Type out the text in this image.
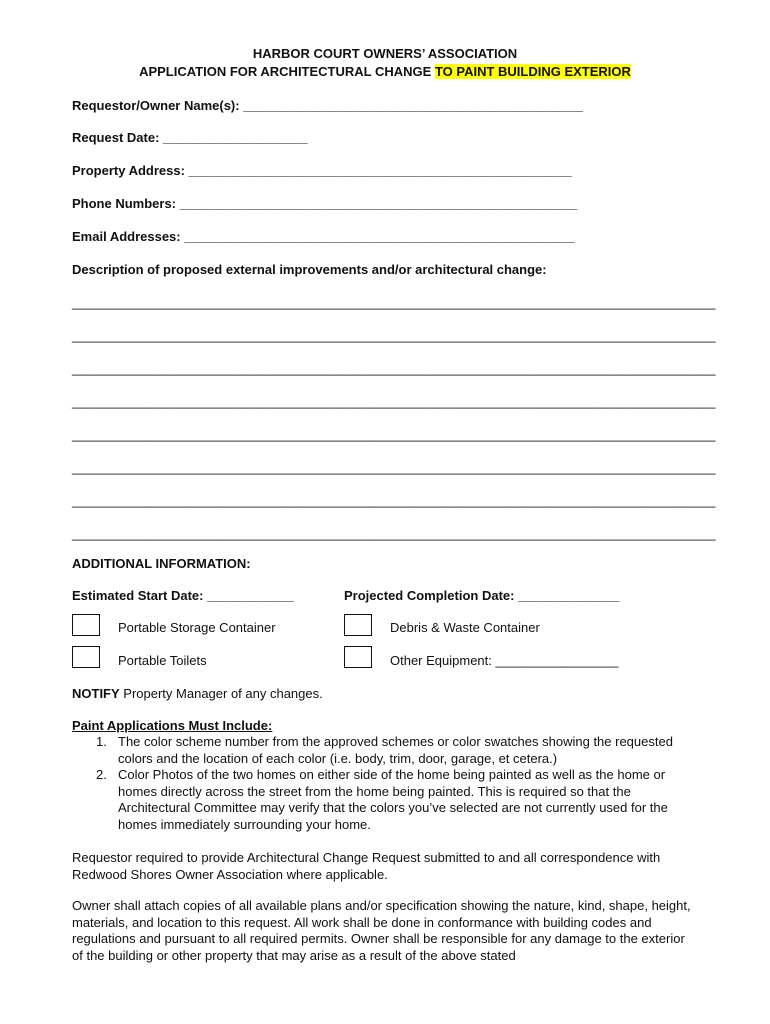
HARBOR COURT OWNERS’ ASSOCIATION
APPLICATION FOR ARCHITECTURAL CHANGE TO PAINT BUILDING EXTERIOR
Requestor/Owner Name(s): _______________________________________________
Request Date: ____________________
Property Address: _____________________________________________________
Phone Numbers: _______________________________________________________
Email Addresses: ______________________________________________________
Description of proposed external improvements and/or architectural change:
_________________________________________________________________________________________
_________________________________________________________________________________________
_________________________________________________________________________________________
_________________________________________________________________________________________
_________________________________________________________________________________________
_________________________________________________________________________________________
_________________________________________________________________________________________
_________________________________________________________________________________________
ADDITIONAL INFORMATION:
Estimated Start Date: ____________	Projected Completion Date: ______________
Portable Storage Container	Debris & Waste Container
Portable Toilets	Other Equipment: _________________
NOTIFY Property Manager of any changes.
Paint Applications Must Include:
1. The color scheme number from the approved schemes or color swatches showing the requested colors and the location of each color (i.e. body, trim, door, garage, et cetera.)
2. Color Photos of the two homes on either side of the home being painted as well as the home or homes directly across the street from the home being painted. This is required so that the Architectural Committee may verify that the colors you’ve selected are not currently used for the homes immediately surrounding your home.
Requestor required to provide Architectural Change Request submitted to and all correspondence with Redwood Shores Owner Association where applicable.
Owner shall attach copies of all available plans and/or specification showing the nature, kind, shape, height, materials, and location to this request. All work shall be done in conformance with building codes and regulations and pursuant to all required permits. Owner shall be responsible for any damage to the exterior of the building or other property that may arise as a result of the above stated
